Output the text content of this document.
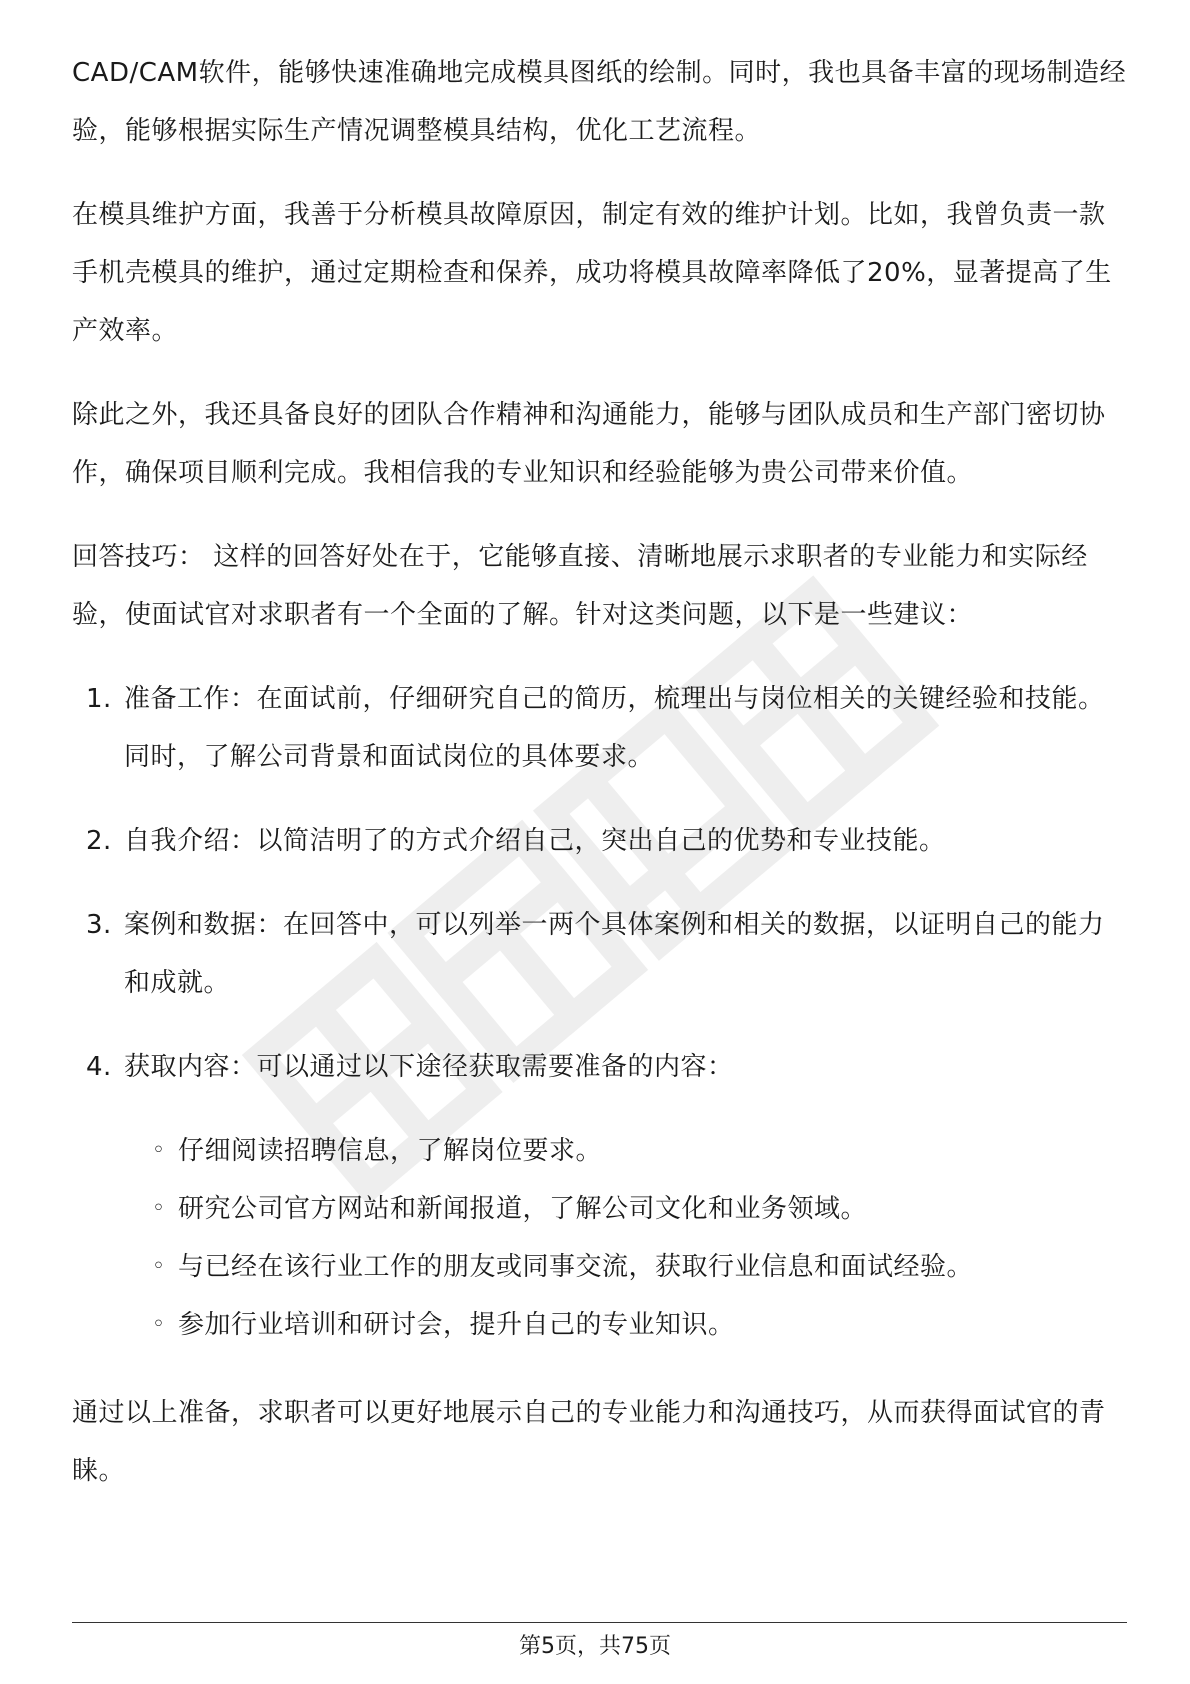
CAD/CAM软件，能够快速准确地完成模具图纸的绘制。同时，我也具备丰富的现场制造经验，能够根据实际生产情况调整模具结构，优化工艺流程。

在模具维护方面，我善于分析模具故障原因，制定有效的维护计划。比如，我曾负责一款手机壳模具的维护，通过定期检查和保养，成功将模具故障率降低了20%，显著提高了生产效率。

除此之外，我还具备良好的团队合作精神和沟通能力，能够与团队成员和生产部门密切协作，确保项目顺利完成。我相信我的专业知识和经验能够为贵公司带来价值。

回答技巧： 这样的回答好处在于，它能够直接、清晰地展示求职者的专业能力和实际经验，使面试官对求职者有一个全面的了解。针对这类问题，以下是一些建议：

1. 准备工作：在面试前，仔细研究自己的简历，梳理出与岗位相关的关键经验和技能。同时，了解公司背景和面试岗位的具体要求。
2. 自我介绍：以简洁明了的方式介绍自己，突出自己的优势和专业技能。
3. 案例和数据：在回答中，可以列举一两个具体案例和相关的数据，以证明自己的能力和成就。
4. 获取内容：可以通过以下途径获取需要准备的内容：
◦ 仔细阅读招聘信息，了解岗位要求。
◦ 研究公司官方网站和新闻报道，了解公司文化和业务领域。
◦ 与已经在该行业工作的朋友或同事交流，获取行业信息和面试经验。
◦ 参加行业培训和研讨会，提升自己的专业知识。

通过以上准备，求职者可以更好地展示自己的专业能力和沟通技巧，从而获得面试官的青睐。

第5页，共75页
